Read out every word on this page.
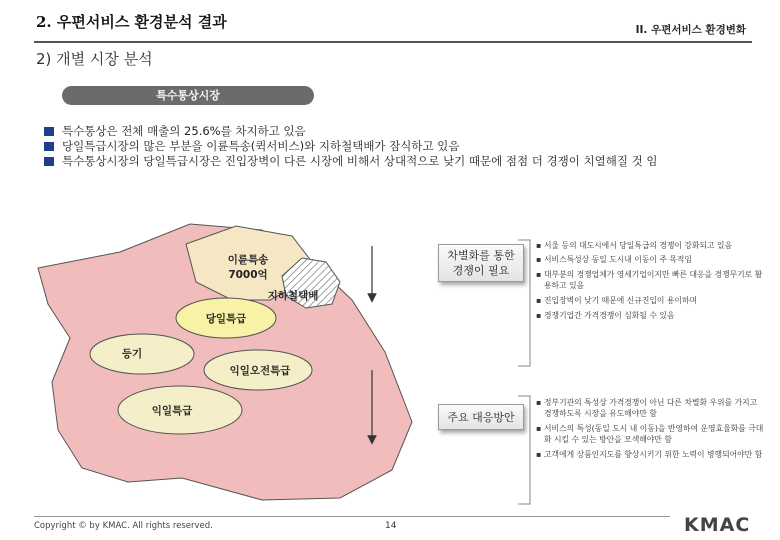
2. 우편서비스 환경분석 결과	II. 우편서비스 환경변화
2) 개별 시장 분석
특수통상시장
특수통상은 전체 매출의 25.6%를 차지하고 있음
당일특급시장의 많은 부분을 이륜특송(퀵서비스)와 지하철택배가 잠식하고 있음
특수통상시장의 당일특급시장은 진입장벽이 다른 시장에 비해서 상대적으로 낮기 때문에 점점 더 경쟁이 치열해질 것 임
이륜특송
7000억
지하철택배
당일특급
등기
익일오전특급
익일특급
차별화를 통한
경쟁이 필요
주요 대응방안
▪ 서울 등의 대도시에서 당일특급의 경쟁이 강화되고 있음
▪ 서비스특성상 동일 도시내 이동이 주 목적임
▪ 대부분의 경쟁업체가 영세기업이지만 빠른 대응을 경쟁무기로 활용하고 있음
▪ 진입장벽이 낮기 때문에 신규진입이 용이하며
▪ 경쟁기업간 가격경쟁이 심화될 수 있음
▪ 정부기관의 특성상 가격경쟁이 아닌 다른 차별화 우위를 가지고 경쟁하도록 시장을 유도해야만 함
▪ 서비스의 특성(동일 도시 내 이동)을 반영하여 운영효율화를 극대화 시킬 수 있는 방안을 모색해야만 함
▪ 고객에게 상품인지도를 향상시키기 위한 노력이 병행되어야만 함
Copyright © by KMAC. All rights reserved.	14	KMAC
